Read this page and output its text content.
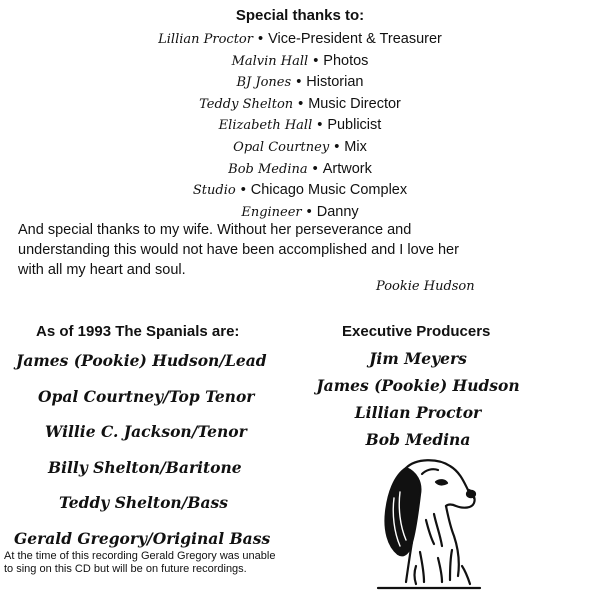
Special thanks to:
Lillian Proctor • Vice-President & Treasurer
Malvin Hall • Photos
BJ Jones • Historian
Teddy Shelton • Music Director
Elizabeth Hall • Publicist
Opal Courtney • Mix
Bob Medina • Artwork
Studio • Chicago Music Complex
Engineer • Danny
And special thanks to my wife. Without her perseverance and
understanding this would not have been accomplished and I love her
with all my heart and soul.
Pookie Hudson
As of 1993 The Spanials are:
James (Pookie) Hudson/Lead
Opal Courtney/Top Tenor
Willie C. Jackson/Tenor
Billy Shelton/Baritone
Teddy Shelton/Bass
Gerald Gregory/Original Bass
At the time of this recording Gerald Gregory was unable
to sing on this CD but will be on future recordings.
Executive Producers
Jim Meyers
James (Pookie) Hudson
Lillian Proctor
Bob Medina
